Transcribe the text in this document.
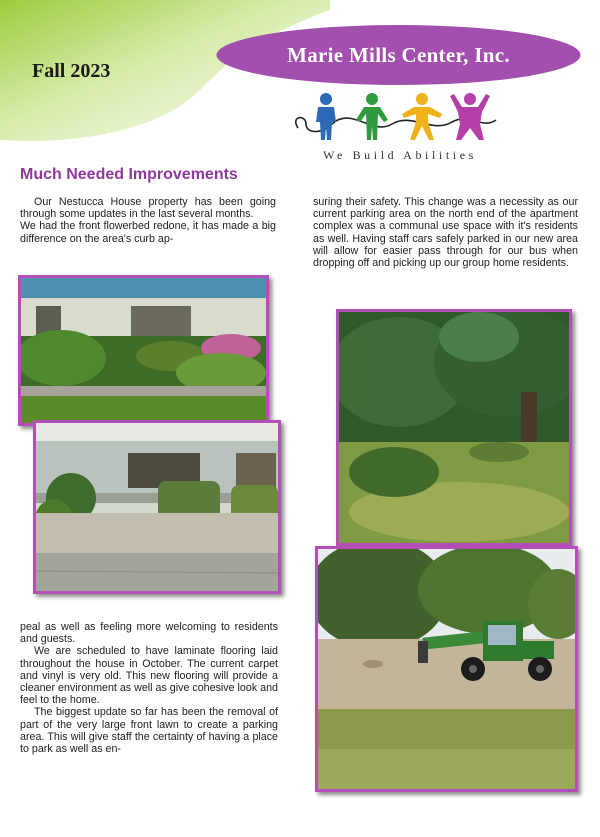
Fall 2023
Marie Mills Center, Inc.
We Build Abilities
Much Needed Improvements

Our Nestucca House property has been going through some updates in the last several months.

We had the front flowerbed redone, it has made a big difference on the area's curb ap-

suring their safety. This change was a necessity as our current parking area on the north end of the apartment complex was a communal use space with it's residents as well. Having staff cars safely parked in our new area will allow for easier pass through for our bus when dropping off and picking up our group home residents.

peal as well as feeling more welcoming to residents and guests.

We are scheduled to have laminate flooring laid throughout the house in October. The current carpet and vinyl is very old. This new flooring will provide a cleaner environment as well as give cohesive look and feel to the home.

The biggest update so far has been the removal of part of the very large front lawn to create a parking area. This will give staff the certainty of having a place to park as well as en-
